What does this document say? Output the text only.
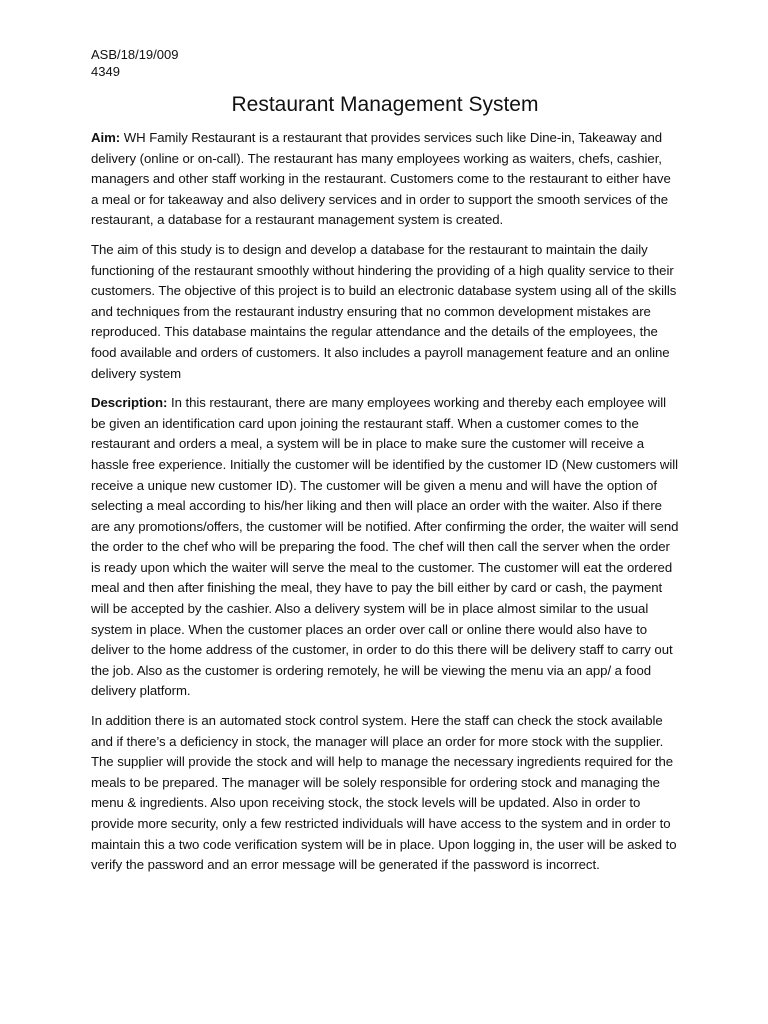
ASB/18/19/009

4349

Restaurant Management System

Aim: WH Family Restaurant is a restaurant that provides services such like Dine-in, Takeaway and delivery (online or on-call). The restaurant has many employees working as waiters, chefs, cashier, managers and other staff working in the restaurant. Customers come to the restaurant to either have a meal or for takeaway and also delivery services and in order to support the smooth services of the restaurant, a database for a restaurant management system is created.

The aim of this study is to design and develop a database for the restaurant to maintain the daily functioning of the restaurant smoothly without hindering the providing of a high quality service to their customers. The objective of this project is to build an electronic database system using all of the skills and techniques from the restaurant industry ensuring that no common development mistakes are reproduced. This database maintains the regular attendance and the details of the employees, the food available and orders of customers. It also includes a payroll management feature and an online delivery system

Description: In this restaurant, there are many employees working and thereby each employee will be given an identification card upon joining the restaurant staff. When a customer comes to the restaurant and orders a meal, a system will be in place to make sure the customer will receive a hassle free experience. Initially the customer will be identified by the customer ID (New customers will receive a unique new customer ID). The customer will be given a menu and will have the option of selecting a meal according to his/her liking and then will place an order with the waiter. Also if there are any promotions/offers, the customer will be notified. After confirming the order, the waiter will send the order to the chef who will be preparing the food. The chef will then call the server when the order is ready upon which the waiter will serve the meal to the customer. The customer will eat the ordered meal and then after finishing the meal, they have to pay the bill either by card or cash, the payment will be accepted by the cashier. Also a delivery system will be in place almost similar to the usual system in place. When the customer places an order over call or online there would also have to deliver to the home address of the customer, in order to do this there will be delivery staff to carry out the job. Also as the customer is ordering remotely, he will be viewing the menu via an app/ a food delivery platform.

In addition there is an automated stock control system. Here the staff can check the stock available and if there’s a deficiency in stock, the manager will place an order for more stock with the supplier. The supplier will provide the stock and will help to manage the necessary ingredients required for the meals to be prepared. The manager will be solely responsible for ordering stock and managing the menu & ingredients. Also upon receiving stock, the stock levels will be updated. Also in order to provide more security, only a few restricted individuals will have access to the system and in order to maintain this a two code verification system will be in place. Upon logging in, the user will be asked to verify the password and an error message will be generated if the password is incorrect.
